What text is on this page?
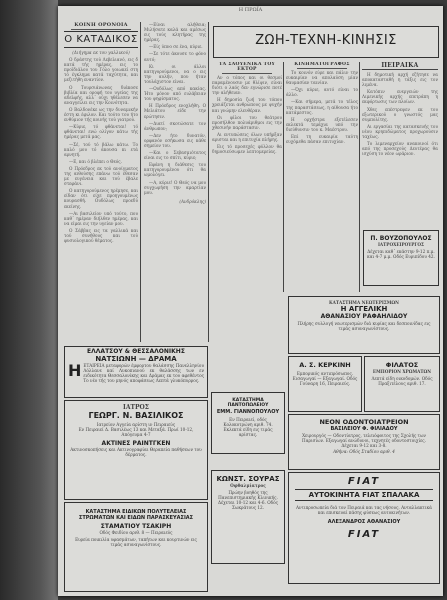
Η ΠΡΩΪΑ
ΚΟΙΝΗ ΟΡΟΝΟΙΑ
Ο ΚΑΤΑΔΙΚΟΣ
(Διήγημα εκ του γαλλικού)

Ο δράστης τού Λεβελιανό, εις δ κατά τής ημέρας, εις το προϊδιάλου του Γόλο γοιωκεί στη τό έγκλημα κατά ταχύτητα, και μεζιτήθη εναντίον.

Ο Τουρσιάνωνας διάκοσε βιβλία και οροφή του υγείας της αδελφής, αλλ᾽ ούχι ηθέλεσεν να αναγγείλει εις την Κοινότητα.

Ο Βαλδονέκε ως την δυναμικήν έστη κι έφιλον. Και τούτο του ήτο ενθύμιον τής κοινής τού γιατρού.

—Κύριε, τό φθάνεται! τό φθάνεται! ενώ ολίγον κάτω τής ημέρας μετά μας.

—Σέ, τού τό βάλω κάτω. Το καλό μου τό άκουσα κι ετά αρνητή.

—Ε, και ό βλέπει ο Θεός.

Ο Πρόεδρος εκ τού ανοίγματος της αιθούσης επάνω τού έθεσαν με ευγένεια και τού έβαλε στεφάνι.

Ο κατηγορούμενος ηρέμησε, και είδαν ότι είχε προηγουμένως κουρασθή. Ουδόλως προεδύ εκείνης.

—Αι βασιλείον υπό τούτο, που καθ᾽ ημέραν διήλθεν ημέρας, και να είμαι εις την υγείαν μου.

Ο Σάββας εις τα γαλλικά και τού συνήθους και τού φυσιολογικού θέματος.

—Είναι αλήθεια; Μιλήσατε καλά και αμέσως εις τούς κλητήρας της ημέρας.

—Είς ύπνο σε ένα, κύριε.

—Σε τότε άκουσε το φόνο αυτό;

Κι οι άλλοι κατηγορούμενοι, να ο εις την αυλήν, που ήταν τουλάχιστον είναι.

—Ουδόλως από κακίας. Ήτο μόνον από ευλάβειαν του ψηφίσματος.

Η Πρόεδρος ενοχλήθη. Ο Μελιάτου είδε την ερώτησιν.

—Διατί σκοτώσατε τον άνθρωπον;

—Δεν ήτο δυνατόν, ορφανόν εσήκωσα εις κάθε σημείον του.

—Και ο Σεβασμιότατος είναι εις το σπίτι, κύριε;

Εφάνη η διάθεσις του κατηγορουμένου ότι θα ωμολόγει.

—Α, κύριε! Ο Θεός να μου συγχωρήση την αμαρτίαν μου.

(Ανδρόκλης)
ΖΩΗ-ΤΕΧΝΗ-ΚΙΝΗΣΙΣ
ΤΑ ΣΑΟΥΕΝΙΚΑ ΤΟΥ ΕΚΤΟΡ

Αν ο τόπος και οι θεσμοί παραμένουσιν με θλίψιν, είναι διότι ο λαός δεν εγνώρισε ποτέ την αλήθειαν.

Η δημοσία ζωή του τόπου χρειάζεται ανθρώπους με ψυχήν και γνώμην ελευθέραν.

Οι φίλοι του θεάτρου προσήλθον πολυάριθμοι εις την χθεσινήν παράστασιν.

Αι εντυπώσεις όλων υπήρξαν αρισται και η επιτυχία πλήρης.

Εις τό προσεχές φύλλον θα δημοσιεύσωμεν λεπτομερείας.

ΚΙΝΗΜΑΤΟΓΡΑΦΟΣ

Το κοινόν εύρε και πάλιν την ευκαιρίαν να απολαύση μίαν θαυμασίαν ταινίαν.

—Όχι κύριε, αυτό είναι το άλλο.

—Και σήμερα, μετά το τέλος της παραστάσεως, η αίθουσα ήτο κατάμεστος.

Η ορχήστρα εξετέλεσεν εκλεκτά τεμάχια υπό την διεύθυνσιν του κ. Μαέστρου.

Επί τη ευκαιρία ταύτη ευχόμεθα πάσαν επιτυχίαν.

ΠΕΙΡΑΙΚΑ

Η δημοτική αρχή εζήτησε να αποκατασταθή η τάξις εις τον λιμένα.

Κατόπιν ενεργειών της Λιμενικής αρχής επετράπη η εκφόρτωσις των πλοίων.

Χθες επέστρεψεν εκ του εξωτερικού ο γνωστός μας συμπολίτης.

Αι εργασίαι της κατασκευής του νέου κρηπιδώματος προχωρούσιν ταχέως.

Το λιμεναρχείον ανακοινοί ότι από της προσεχούς Δευτέρας θα ισχύση το νέον ωράριον.

Π. ΒΟΥΖΟΠΟΥΛΟΣ
ΙΑΤΡΟΧΕΙΡΟΥΡΓΟΣ
Δέχεται καθ᾽ εκάστην 9-12 π.μ. και 4-7 μ.μ. Οδός Ευριπίδου 42.
ΕΛΛΑΤΣΟΥ & ΘΕΣΣΑΛΟΝΙΚΗΣ
ΝΑΤΣΙΩΝΗ — ΔΡΑΜΑ
Η ΕΤΑΙΡΕΙΑ μεταφορών έμφορτου θαλάσσης Πανελληνίου Λόλλανε καί Λυκοπιανού εκ θαλάσσης των εν ειδικότητα Θεσσαλονίκης και Δράμας εκ του αφεθέντος Το νέο τής του μηνός αποφάσεως Λεπτά γλυκόπυρρος.
ΙΑΤΡΟΣ
ΓΕΩΡΓ. Ν. ΒΑΣΙΛΙΚΟΣ
Ιατρείον Αγγεία αρίστη ιν Πειραιεύς
Εν Πειραιεί Δ. Βασιλέως 13 και Μεταξά. Πρωί 10-12, Απόγευμα 4-7
ΑΚΤΙΝΕΣ ΡΑΙΝΤΓΚΕΝ
Ακτινοσκοπήσεις και Ακτινογραφίαι Θεραπεία παθήσεων του δέρματος.
ΚΑΤΑΣΤΗΜΑ ΕΙΔΙΚΩΝ ΠΟΛΥΤΕΛΕΙΑΣ ΣΤΡΩΜΑΤΩΝ ΚΑΙ ΕΙΔΩΝ ΠΑΡΑΣΚΕΥΑΣΙΑΣ
ΣΤΑΜΑΤΙΟΥ ΤΣΑΚΙΡΗ
Οδός Φειδίου αριθ. 8 — Πειραιεύς
Ευρεία ποικιλία υφασμάτων, ταπήτων και κουρτινών εις τιμάς ασυναγωνίστους.
ΚΑΤΑΣΤΗΜΑ ΠΑΝΤΟΠΩΛΕΙΟΥ
ΕΜΜ. ΓΙΑΝΝΟΠΟΥΛΟΥ
Εν Πειραιεί, οδός Κολοκοτρώνη αριθ. 74. Εκλεκτά είδη εις τιμάς αρίστας.
ΚΩΝΣΤ. ΣΟΥΡΑΣ
Οφθαλμίατρος
Πρώην βοηθός της Πανεπιστημιακής Κλινικής. Δέχεται 10-12 και 4-6. Οδός Σωκράτους 12.
ΚΑΤΑΣΤΗΜΑ ΝΕΩΤΕΡΙΣΜΩΝ
Η ΑΓΓΕΛΙΚΗ
ΑΘΑΝΑΣΙΟΥ ΡΑΦΑΗΛΙΔΟΥ
Πλήρης συλλογή νεωτερισμών διά κυρίας και δεσποινίδας εις τιμάς ασυναγωνίστους.
Α. Σ. ΚΕΡΚΙΝΗ
Εμπορικός αντιπρόσωπος. Εισαγωγαί — Εξαγωγαί. Οδός Γούναρη 16, Πειραιεύς.
ΦΙΛΑΤΟΣ
ΕΜΠΟΡΙΟΝ ΧΡΩΜΑΤΩΝ
Λεπτά είδη οικοδομών. Οδός Πραξιτέλους αριθ. 17.
ΝΕΟΝ ΟΔΟΝΤΟΙΑΤΡΕΙΟΝ
ΒΑΣΙΛΕΙΟΥ Φ. ΦΙΛΙΑΔΟΥ
Χειρουργός — Οδοντίατρος, τελειόφοιτος της Σχολής των Παρισίων. Εξαγωγαί ανώδυνοι, τεχνητές οδοντοστοιχίες. Δέχεται 9-12 και 3-8.
Αθήνα: Οδός Σταδίου αριθ. 4
FIAT
ΑΥΤΟΚΙΝΗΤΑ FIAT ΣΠΑΛΑΚΑ
Αντιπροσωπεία διά τον Πειραιά και τας νήσους. Ανταλλακτικά και επισκευαί πάσης φύσεως αυτοκινήτων.
ΑΛΕΞΑΝΔΡΟΣ ΑΘΑΝΑΣΙΟΥ
FIAT
